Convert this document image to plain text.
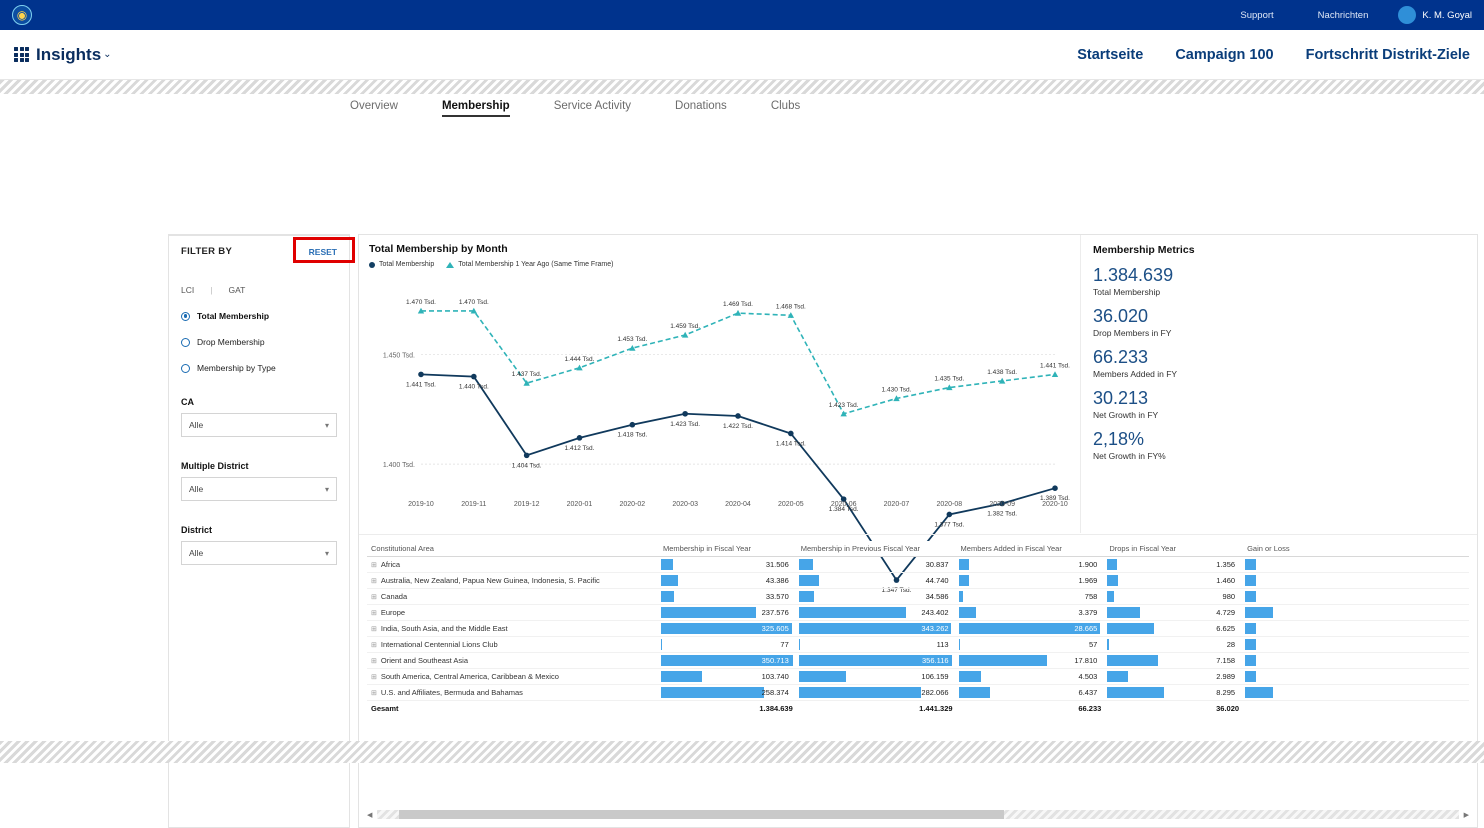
◉	Support	Nachrichten	K. M. Goyal
Insights ⌄	Startseite Campaign 100 Fortschritt Distrikt-Ziele
Overview	Membership	Service Activity	Donations	Clubs
FILTER BY	RESET
LCI | GAT
Total Membership
Drop Membership
Membership by Type
CA
Alle	▾
Multiple District
Alle	▾
District
Alle	▾
Total Membership by Month
Total Membership	Total Membership 1 Year Ago (Same Time Frame)
1.400 Tsd.
1.450 Tsd.
1.470 Tsd.	1.470 Tsd.
1.437 Tsd.
1.444 Tsd.
1.453 Tsd.
1.459 Tsd.
1.469 Tsd.	1.468 Tsd.
1.423 Tsd.
1.430 Tsd.
1.435 Tsd.
1.438 Tsd.
1.441 Tsd.
1.441 Tsd.	1.440 Tsd.
1.404 Tsd.
1.412 Tsd.
1.418 Tsd.
1.423 Tsd.	1.422 Tsd.
1.414 Tsd.
1.384 Tsd.
1.347 Tsd.
1.377 Tsd.
1.382 Tsd.
1.389 Tsd.
2019-10	2019-11	2019-12	2020-01	2020-02	2020-03	2020-04	2020-05	2020-06	2020-07	2020-08	2020-09	2020-10
Membership Metrics
1.384.639
Total Membership
36.020
Drop Members in FY
66.233
Members Added in FY
30.213
Net Growth in FY
2,18%
Net Growth in FY%
Constitutional Area	Membership in Fiscal Year	Membership in Previous Fiscal Year	Members Added in Fiscal Year	Drops in Fiscal Year	Gain or Loss
⊞ Africa	31.506	30.837	1.900	1.356	

⊞ Australia, New Zealand, Papua New Guinea, Indonesia, S. Pacific	43.386	44.740	1.969	1.460	

⊞ Canada	33.570	34.586	758	980	

⊞ Europe	237.576	243.402	3.379	4.729	

⊞ India, South Asia, and the Middle East	325.605	343.262	28.665	6.625	

⊞ International Centennial Lions Club	77	113	57	28	

⊞ Orient and Southeast Asia	350.713	356.116	17.810	7.158	

⊞ South America, Central America, Caribbean & Mexico	103.740	106.159	4.503	2.989	

⊞ U.S. and Affiliates, Bermuda and Bahamas	258.374	282.066	6.437	8.295	

Gesamt	1.384.639	1.441.329	66.233	36.020	
◀	▶
